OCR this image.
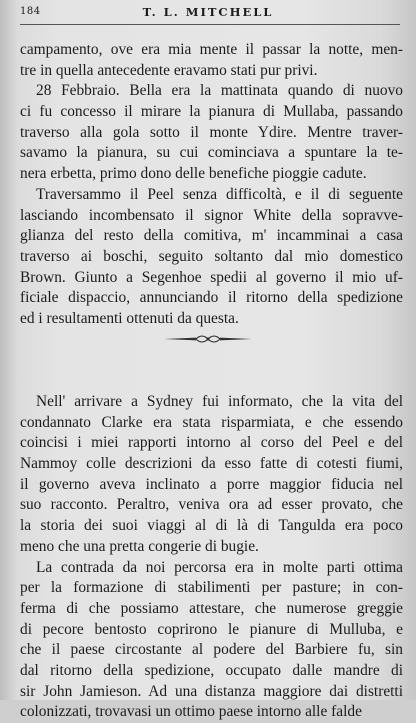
184	T. L. MITCHELL
campamento, ove era mia mente il passar la notte, men-
tre in quella antecedente eravamo stati pur privi.
28 Febbraio. Bella era la mattinata quando di nuovo
ci fu concesso il mirare la pianura di Mullaba, passando
traverso alla gola sotto il monte Ydire. Mentre traver-
savamo la pianura, su cui cominciava a spuntare la te-
nera erbetta, primo dono delle benefiche pioggie cadute.
Traversammo il Peel senza difficoltà, e il di seguente
lasciando incombensato il signor White della sopravve-
glianza del resto della comitiva, m' incamminai a casa
traverso ai boschi, seguito soltanto dal mio domestico
Brown. Giunto a Segenhoe spedii al governo il mio uf-
ficiale dispaccio, annunciando il ritorno della spedizione
ed i resultamenti ottenuti da questa.
Nell' arrivare a Sydney fui informato, che la vita del
condannato Clarke era stata risparmiata, e che essendo
coincisi i miei rapporti intorno al corso del Peel e del
Nammoy colle descrizioni da esso fatte di cotesti fiumi,
il governo aveva inclinato a porre maggior fiducia nel
suo racconto. Peraltro, veniva ora ad esser provato, che
la storia dei suoi viaggi al di là di Tangulda era poco
meno che una pretta congerie di bugie.
La contrada da noi percorsa era in molte parti ottima
per la formazione di stabilimenti per pasture; in con-
ferma di che possiamo attestare, che numerose greggie
di pecore bentosto coprirono le pianure di Mulluba, e
che il paese circostante al podere del Barbiere fu, sin
dal ritorno della spedizione, occupato dalle mandre di
sir John Jamieson. Ad una distanza maggiore dai distretti
colonizzati, trovavasi un ottimo paese intorno alle falde
